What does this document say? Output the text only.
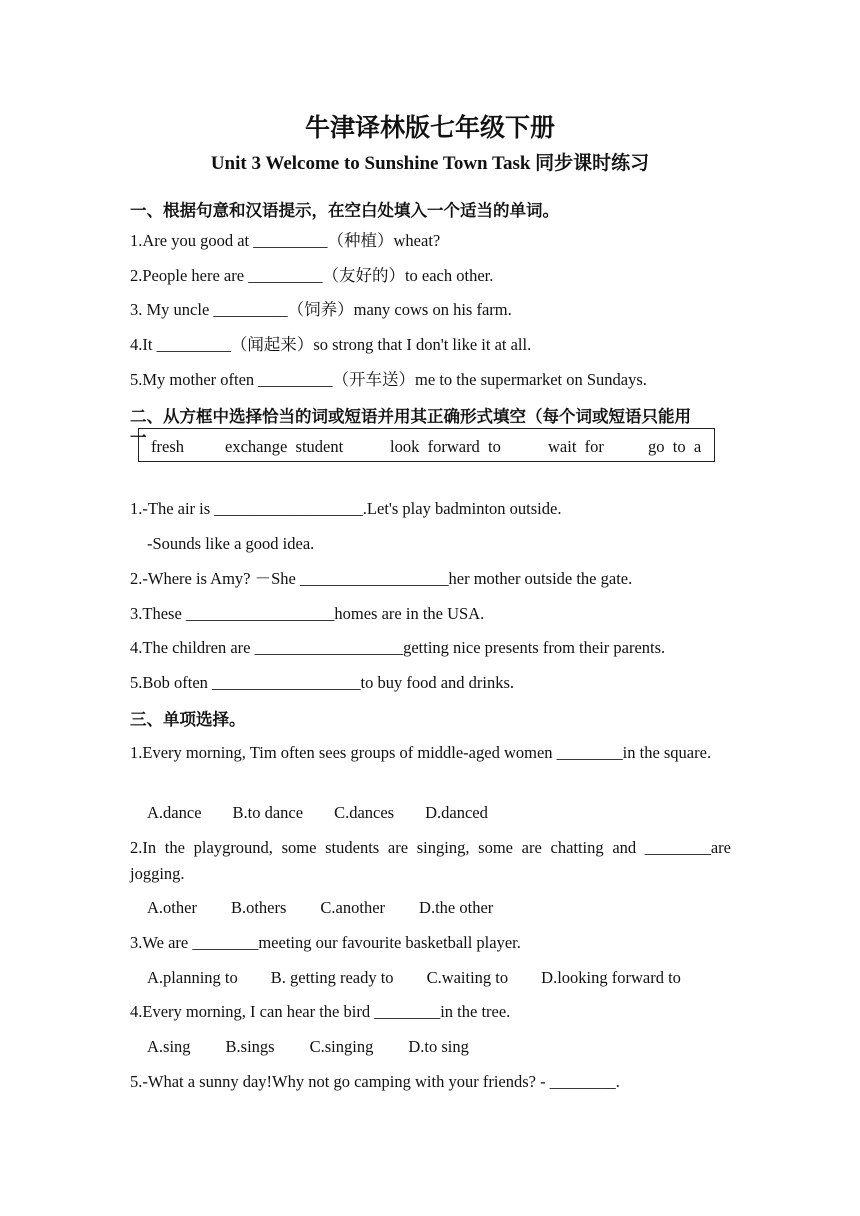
牛津译林版七年级下册
Unit 3 Welcome to Sunshine Town Task 同步课时练习
一、根据句意和汉语提示，在空白处填入一个适当的单词。
1.Are you good at _________（种植）wheat?
2.People here are _________（友好的）to each other.
3. My uncle _________（饲养）many cows on his farm.
4.It _________（闻起来）so strong that I don't like it at all.
5.My mother often _________（开车送）me to the supermarket on Sundays.
二、从方框中选择恰当的词或短语并用其正确形式填空（每个词或短语只能用
一 fresh exchange  student	look  forward  to	wait  for	go  to  a
1.-The air is __________________.Let's play badminton outside.
-Sounds like a good idea.
2.-Where is Amy? －She __________________her mother outside the gate.
3.These __________________homes are in the USA.
4.The children are __________________getting nice presents from their parents.
5.Bob often __________________to buy food and drinks.
三、单项选择。
1.Every morning, Tim often sees groups of middle-aged women ________in the square.
A.dance B.to dance C.dances D.danced
2.In the playground, some students are singing, some are chatting and ________are jogging.
A.other B.others C.another D.the other
3.We are ________meeting our favourite basketball player.
A.planning to B. getting ready to C.waiting to D.looking forward to
4.Every morning, I can hear the bird ________in the tree.
A.sing B.sings C.singing D.to sing
5.-What a sunny day!Why not go camping with your friends? - ________.
